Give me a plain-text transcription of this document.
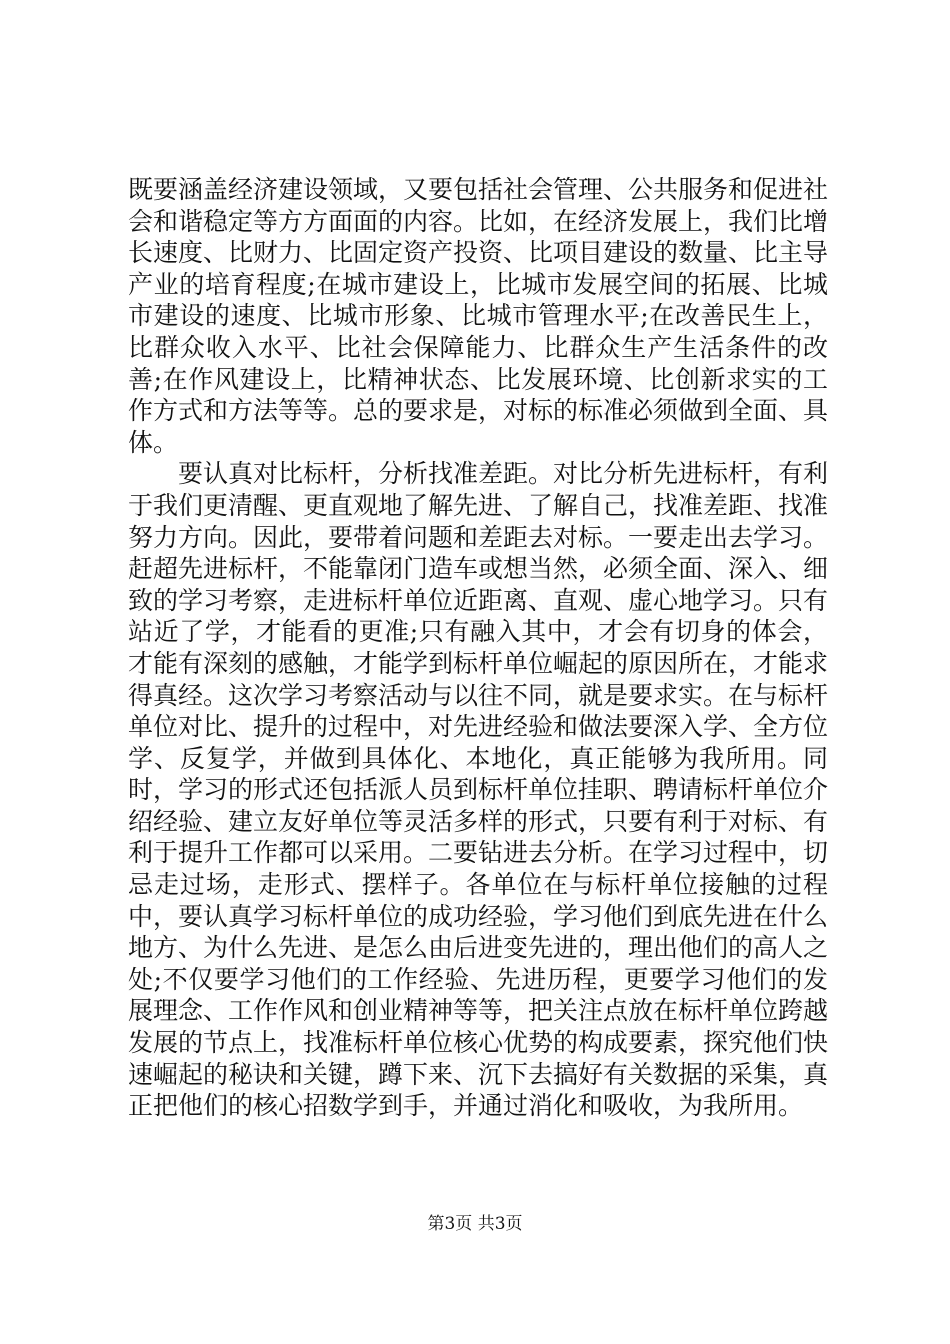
既要涵盖经济建设领域，又要包括社会管理、公共服务和促进社会和谐稳定等方方面面的内容。比如，在经济发展上，我们比增长速度、比财力、比固定资产投资、比项目建设的数量、比主导产业的培育程度;在城市建设上，比城市发展空间的拓展、比城市建设的速度、比城市形象、比城市管理水平;在改善民生上，比群众收入水平、比社会保障能力、比群众生产生活条件的改善;在作风建设上，比精神状态、比发展环境、比创新求实的工作方式和方法等等。总的要求是，对标的标准必须做到全面、具体。

要认真对比标杆，分析找准差距。对比分析先进标杆，有利于我们更清醒、更直观地了解先进、了解自己，找准差距、找准努力方向。因此，要带着问题和差距去对标。一要走出去学习。赶超先进标杆，不能靠闭门造车或想当然，必须全面、深入、细致的学习考察，走进标杆单位近距离、直观、虚心地学习。只有站近了学，才能看的更准;只有融入其中，才会有切身的体会，才能有深刻的感触，才能学到标杆单位崛起的原因所在，才能求得真经。这次学习考察活动与以往不同，就是要求实。在与标杆单位对比、提升的过程中，对先进经验和做法要深入学、全方位学、反复学，并做到具体化、本地化，真正能够为我所用。同时，学习的形式还包括派人员到标杆单位挂职、聘请标杆单位介绍经验、建立友好单位等灵活多样的形式，只要有利于对标、有利于提升工作都可以采用。二要钻进去分析。在学习过程中，切忌走过场，走形式、摆样子。各单位在与标杆单位接触的过程中，要认真学习标杆单位的成功经验，学习他们到底先进在什么地方、为什么先进、是怎么由后进变先进的，理出他们的高人之处;不仅要学习他们的工作经验、先进历程，更要学习他们的发展理念、工作作风和创业精神等等，把关注点放在标杆单位跨越发展的节点上，找准标杆单位核心优势的构成要素，探究他们快速崛起的秘诀和关键，蹲下来、沉下去搞好有关数据的采集，真正把他们的核心招数学到手，并通过消化和吸收，为我所用。

第3页 共3页
